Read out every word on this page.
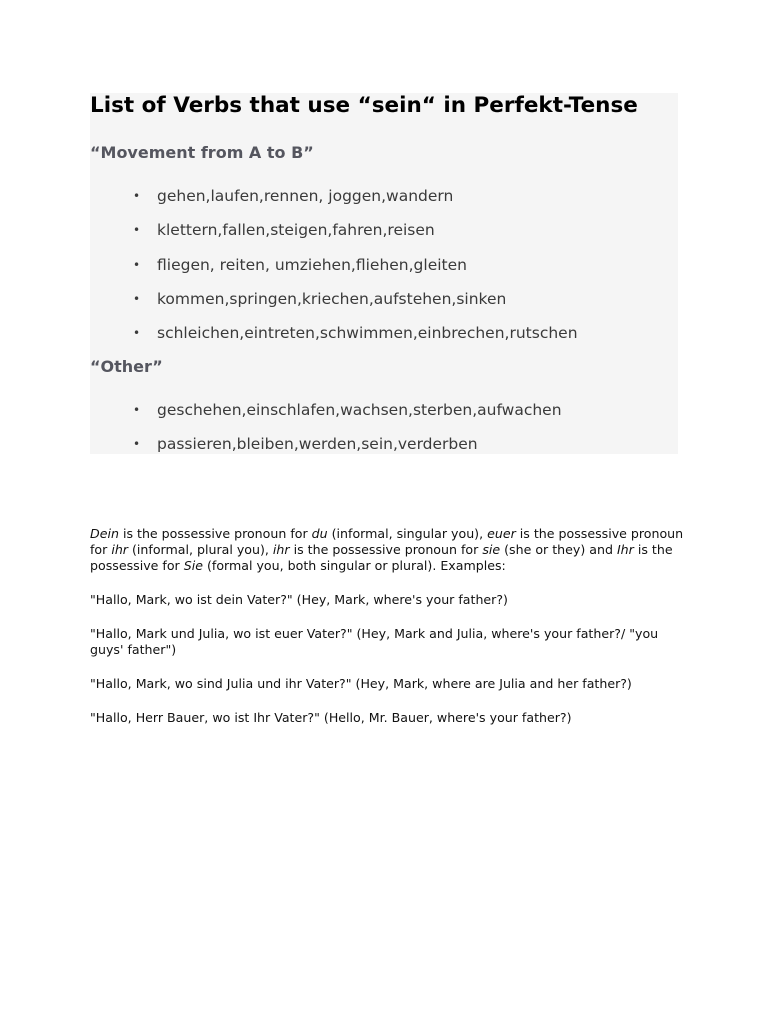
List of Verbs that use “sein“ in Perfekt-Tense
“Movement from A to B”
• gehen,laufen,rennen, joggen,wandern
• klettern,fallen,steigen,fahren,reisen
• fliegen, reiten, umziehen,fliehen,gleiten
• kommen,springen,kriechen,aufstehen,sinken
• schleichen,eintreten,schwimmen,einbrechen,rutschen
“Other”
• geschehen,einschlafen,wachsen,sterben,aufwachen
• passieren,bleiben,werden,sein,verderben

Dein is the possessive pronoun for du (informal, singular you), euer is the possessive pronoun for ihr (informal, plural you), ihr is the possessive pronoun for sie (she or they) and Ihr is the possessive for Sie (formal you, both singular or plural). Examples:

"Hallo, Mark, wo ist dein Vater?" (Hey, Mark, where's your father?)

"Hallo, Mark und Julia, wo ist euer Vater?" (Hey, Mark and Julia, where's your father?/ "you guys' father")

"Hallo, Mark, wo sind Julia und ihr Vater?" (Hey, Mark, where are Julia and her father?)

"Hallo, Herr Bauer, wo ist Ihr Vater?" (Hello, Mr. Bauer, where's your father?)
